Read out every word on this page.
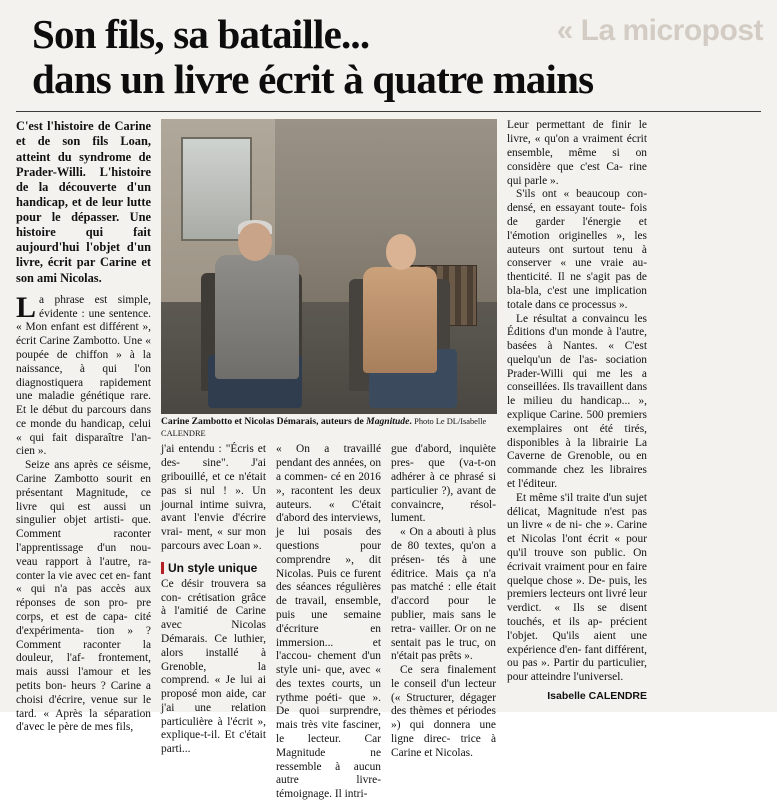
« La micropost
Son fils, sa bataille...
dans un livre écrit à quatre mains

C'est l'histoire de Carine et de son fils Loan, atteint du syndrome de Prader-Willi. L'histoire de la découverte d'un handicap, et de leur lutte pour le dépasser. Une histoire qui fait aujourd'hui l'objet d'un livre, écrit par Carine et son ami Nicolas.

La phrase est simple, évidente : une sentence. « Mon enfant est différent », écrit Carine Zambotto. Une « poupée de chiffon » à la naissance, à qui l'on diagnostiquera rapidement une maladie génétique rare. Et le début du parcours dans ce monde du handicap, celui « qui fait disparaître l'an- cien ».

Seize ans après ce séisme, Carine Zambotto sourit en présentant Magnitude, ce livre qui est aussi un singulier objet artisti- que. Comment raconter l'apprentissage d'un nou- veau rapport à l'autre, ra- conter la vie avec cet en- fant « qui n'a pas accès aux réponses de son pro- pre corps, et est de capa- cité d'expérimenta- tion » ? Comment raconter la douleur, l'af- frontement, mais aussi l'amour et les petits bon- heurs ? Carine a choisi d'écrire, venue sur le tard. « Après la séparation d'avec le père de mes fils,

Carine Zambotto et Nicolas Démarais, auteurs de Magnitude. Photo Le DL/Isabelle CALENDRE

j'ai entendu : "Écris et des- sine". J'ai gribouillé, et ce n'était pas si nul ! ». Un journal intime suivra, avant l'envie d'écrire vrai- ment, « sur mon parcours avec Loan ».

Un style unique

Ce désir trouvera sa con- crétisation grâce à l'amitié de Carine avec Nicolas Démarais. Ce luthier, alors installé à Grenoble, la comprend. « Je lui ai proposé mon aide, car j'ai une relation particulière à l'écrit », explique-t-il. Et c'était parti...

« On a travaillé pendant des années, on a commen- cé en 2016 », racontent les deux auteurs. « C'était d'abord des interviews, je lui posais des questions pour comprendre », dit Nicolas. Puis ce furent des séances régulières de travail, ensemble, puis une semaine d'écriture en immersion... et l'accou- chement d'un style uni- que, avec « des textes courts, un rythme poéti- que ». De quoi surprendre, mais très vite fasciner, le lecteur. Car Magnitude ne ressemble à aucun autre livre-témoignage. Il intri-

gue d'abord, inquiète pres- que (va-t-on adhérer à ce phrasé si particulier ?), avant de convaincre, résol- lument.

« On a abouti à plus de 80 textes, qu'on a présen- tés à une éditrice. Mais ça n'a pas matché : elle était d'accord pour le publier, mais sans le retra- vailler. Or on ne sentait pas le truc, on n'était pas prêts ».

Ce sera finalement le conseil d'un lecteur (« Structurer, dégager des thèmes et périodes ») qui donnera une ligne direc- trice à Carine et Nicolas.

Leur permettant de finir le livre, « qu'on a vraiment écrit ensemble, même si on considère que c'est Ca- rine qui parle ».

S'ils ont « beaucoup con- densé, en essayant toute- fois de garder l'énergie et l'émotion originelles », les auteurs ont surtout tenu à conserver « une vraie au- thenticité. Il ne s'agit pas de bla-bla, c'est une implication totale dans ce processus ».

Le résultat a convaincu les Éditions d'un monde à l'autre, basées à Nantes. « C'est quelqu'un de l'as- sociation Prader-Willi qui me les a conseillées. Ils travaillent dans le milieu du handicap... », explique Carine. 500 premiers exemplaires ont été tirés, disponibles à la librairie La Caverne de Grenoble, ou en commande chez les libraires et l'éditeur.

Et même s'il traite d'un sujet délicat, Magnitude n'est pas un livre « de ni- che ». Carine et Nicolas l'ont écrit « pour qu'il trouve son public. On écrivait vraiment pour en faire quelque chose ». De- puis, les premiers lecteurs ont livré leur verdict. « Ils se disent touchés, et ils ap- précient l'objet. Qu'ils aient une expérience d'en- fant différent, ou pas ». Partir du particulier, pour atteindre l'universel.

Isabelle CALENDRE
